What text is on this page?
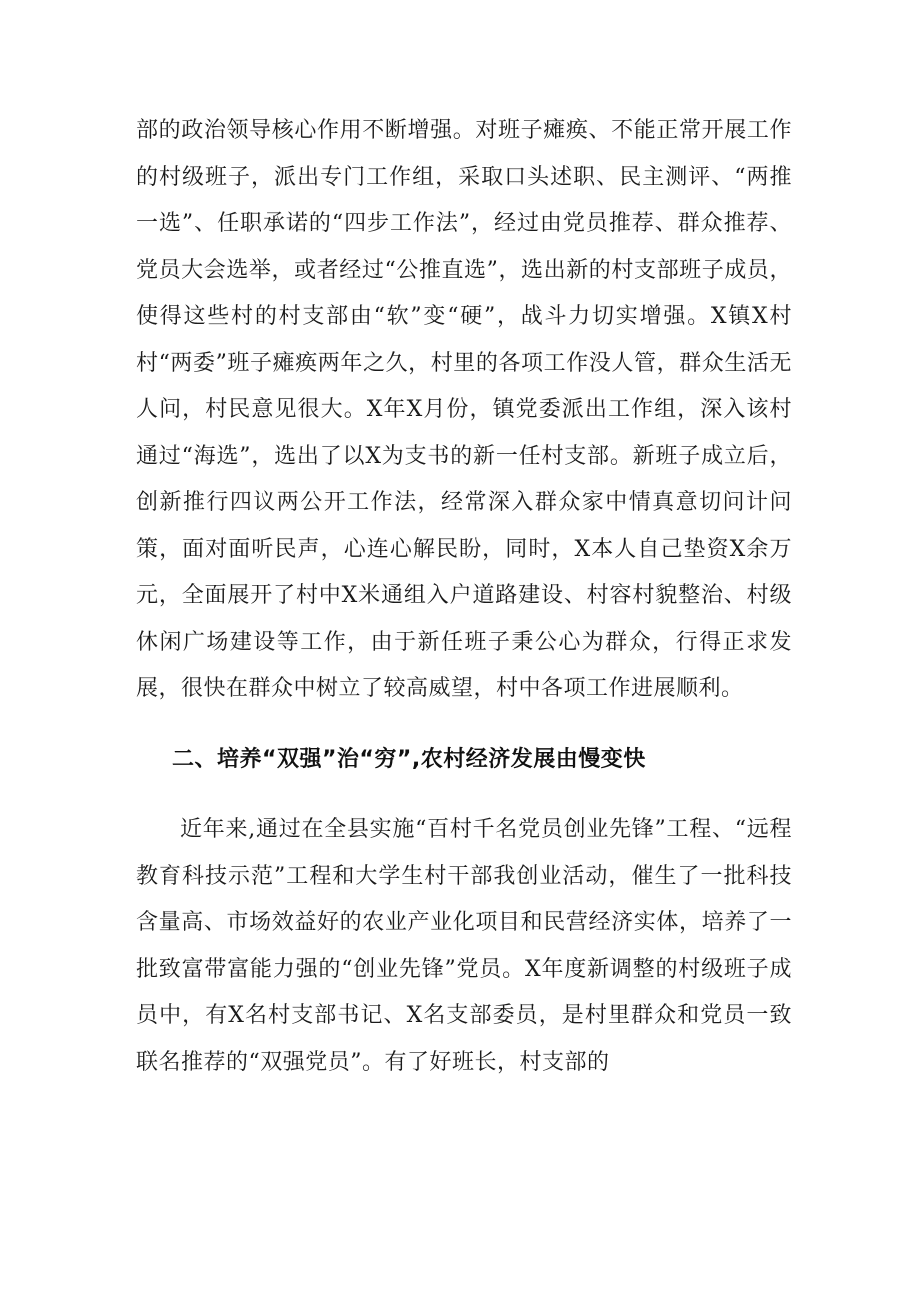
部的政治领导核心作用不断增强。对班子瘫痪、不能正常开展工作的村级班子，派出专门工作组，采取口头述职、民主测评、“两推一选”、任职承诺的“四步工作法”，经过由党员推荐、群众推荐、党员大会选举，或者经过“公推直选”，选出新的村支部班子成员，使得这些村的村支部由“软”变“硬”，战斗力切实增强。X镇X村村“两委”班子瘫痪两年之久，村里的各项工作没人管，群众生活无人问，村民意见很大。X年X月份，镇党委派出工作组，深入该村通过“海选”，选出了以X为支书的新一任村支部。新班子成立后，创新推行四议两公开工作法，经常深入群众家中情真意切问计问策，面对面听民声，心连心解民盼，同时，X本人自己垫资X余万元，全面展开了村中X米通组入户道路建设、村容村貌整治、村级休闲广场建设等工作，由于新任班子秉公心为群众，行得正求发展，很快在群众中树立了较高威望，村中各项工作进展顺利。

二、培养“双强”治“穷”,农村经济发展由慢变快

近年来,通过在全县实施“百村千名党员创业先锋”工程、“远程教育科技示范”工程和大学生村干部我创业活动，催生了一批科技含量高、市场效益好的农业产业化项目和民营经济实体，培养了一批致富带富能力强的“创业先锋”党员。X年度新调整的村级班子成员中，有X名村支部书记、X名支部委员，是村里群众和党员一致联名推荐的“双强党员”。有了好班长，村支部的
